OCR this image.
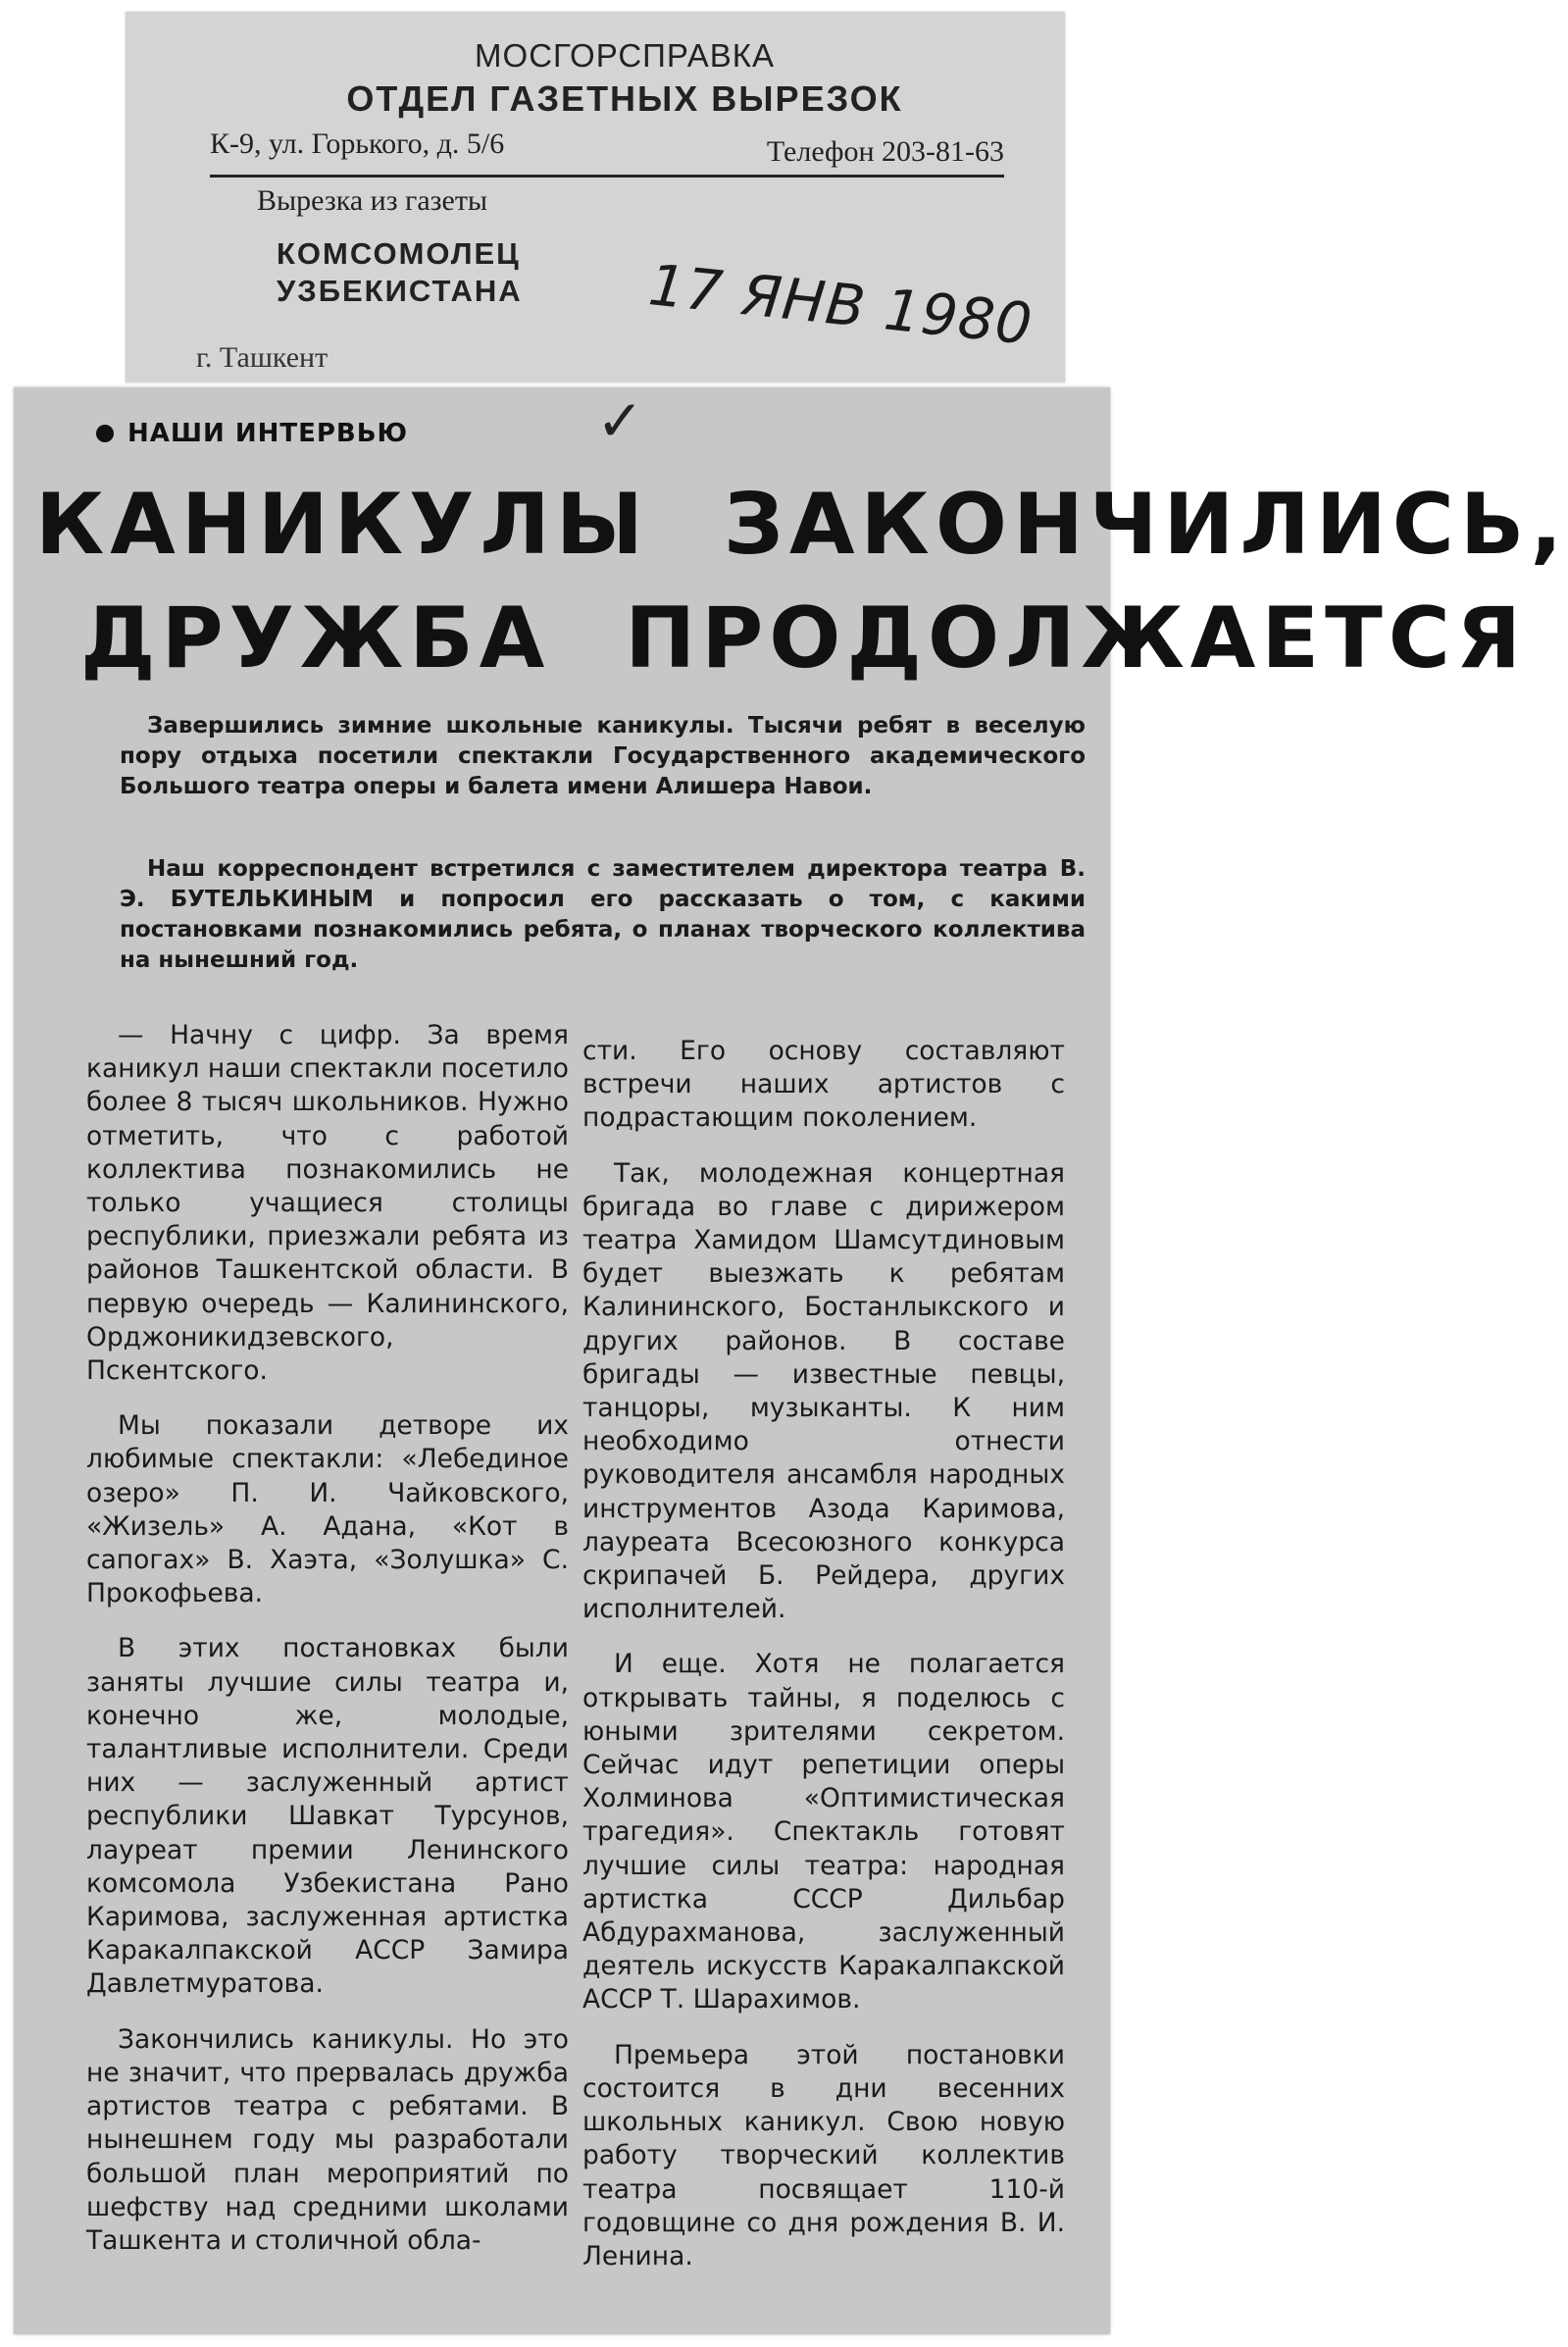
МОСГОРСПРАВКА
ОТДЕЛ ГАЗЕТНЫХ ВЫРЕЗОК
К-9, ул. Горького, д. 5/6	Телефон 203-81-63
Вырезка из газеты
КОМСОМОЛЕЦ
УЗБЕКИСТАНА 17 ЯНВ 1980
г. Ташкент
НАШИ ИНТЕРВЬЮ	✓
КАНИКУЛЫ ЗАКОНЧИЛИСЬ,
ДРУЖБА ПРОДОЛЖАЕТСЯ

Завершились зимние школьные каникулы. Тысячи ребят в веселую пору отдыха посетили спектакли Государственного академического Большого театра оперы и балета имени Алишера Навои.

Наш корреспондент встретился с заместителем директора театра В. Э. БУТЕЛЬКИНЫМ и попросил его рассказать о том, с какими постановками познакомились ребята, о планах творческого коллектива на нынешний год.

— Начну с цифр. За время каникул наши спектакли посетило более 8 тысяч школьников. Нужно отметить, что с работой коллектива познакомились не только учащиеся столицы республики, приезжали ребята из районов Ташкентской области. В первую очередь — Калининского, Орджоникидзевского, Пскентского.

Мы показали детворе их любимые спектакли: «Лебединое озеро» П. И. Чайковского, «Жизель» А. Адана, «Кот в сапогах» В. Хаэта, «Золушка» С. Прокофьева.

В этих постановках были заняты лучшие силы театра и, конечно же, молодые, талантливые исполнители. Среди них — заслуженный артист республики Шавкат Турсунов, лауреат премии Ленинского комсомола Узбекистана Рано Каримова, заслуженная артистка Каракалпакской АССР Замира Давлетмуратова.

Закончились каникулы. Но это не значит, что прервалась дружба артистов театра с ребятами. В нынешнем году мы разработали большой план мероприятий по шефству над средними школами Ташкента и столичной обла-

сти. Его основу составляют встречи наших артистов с подрастающим поколением.

Так, молодежная концертная бригада во главе с дирижером театра Хамидом Шамсутдиновым будет выезжать к ребятам Калининского, Бостанлыкского и других районов. В составе бригады — известные певцы, танцоры, музыканты. К ним необходимо отнести руководителя ансамбля народных инструментов Азода Каримова, лауреата Всесоюзного конкурса скрипачей Б. Рейдера, других исполнителей.

И еще. Хотя не полагается открывать тайны, я поделюсь с юными зрителями секретом. Сейчас идут репетиции оперы Холминова «Оптимистическая трагедия». Спектакль готовят лучшие силы театра: народная артистка СССР Дильбар Абдурахманова, заслуженный деятель искусств Каракалпакской АССР Т. Шарахимов.

Премьера этой постановки состоится в дни весенних школьных каникул. Свою новую работу творческий коллектив театра посвящает 110-й годовщине со дня рождения В. И. Ленина.
